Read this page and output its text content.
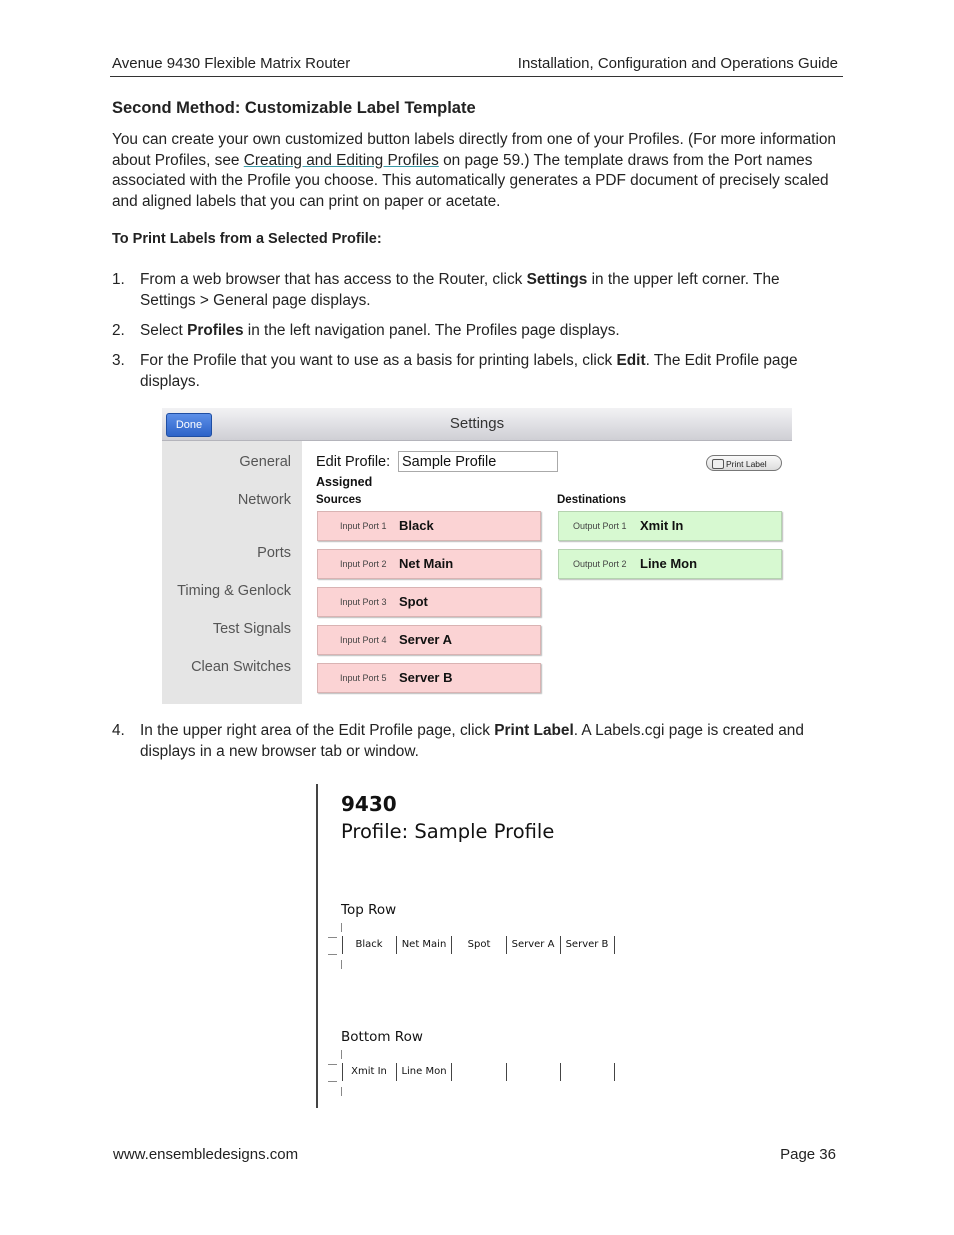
Avenue 9430 Flexible Matrix Router	Installation, Configuration and Operations Guide
Second Method: Customizable Label Template
You can create your own customized button labels directly from one of your Profiles. (For more information about Profiles, see Creating and Editing Profiles on page 59.) The template draws from the Port names associated with the Profile you choose. This automatically generates a PDF document of precisely scaled and aligned labels that you can print on paper or acetate.
To Print Labels from a Selected Profile:
1. From a web browser that has access to the Router, click Settings in the upper left corner. The Settings > General page displays.
2. Select Profiles in the left navigation panel. The Profiles page displays.
3. For the Profile that you want to use as a basis for printing labels, click Edit. The Edit Profile page displays.
Done	Settings
General
Network
Ports
Timing & Genlock
Test Signals
Clean Switches
Edit Profile: Sample Profile	Print Label
Assigned
Sources	Destinations
Input Port 1 Black
Input Port 2 Net Main
Input Port 3 Spot
Input Port 4 Server A
Input Port 5 Server B
Output Port 1 Xmit In
Output Port 2 Line Mon
4. In the upper right area of the Edit Profile page, click Print Label. A Labels.cgi page is created and displays in a new browser tab or window.
9430
Profile: Sample Profile
Top Row
Black	Net Main	Spot	Server A	Server B
Bottom Row
Xmit In	Line Mon
www.ensembledesigns.com	Page 36
